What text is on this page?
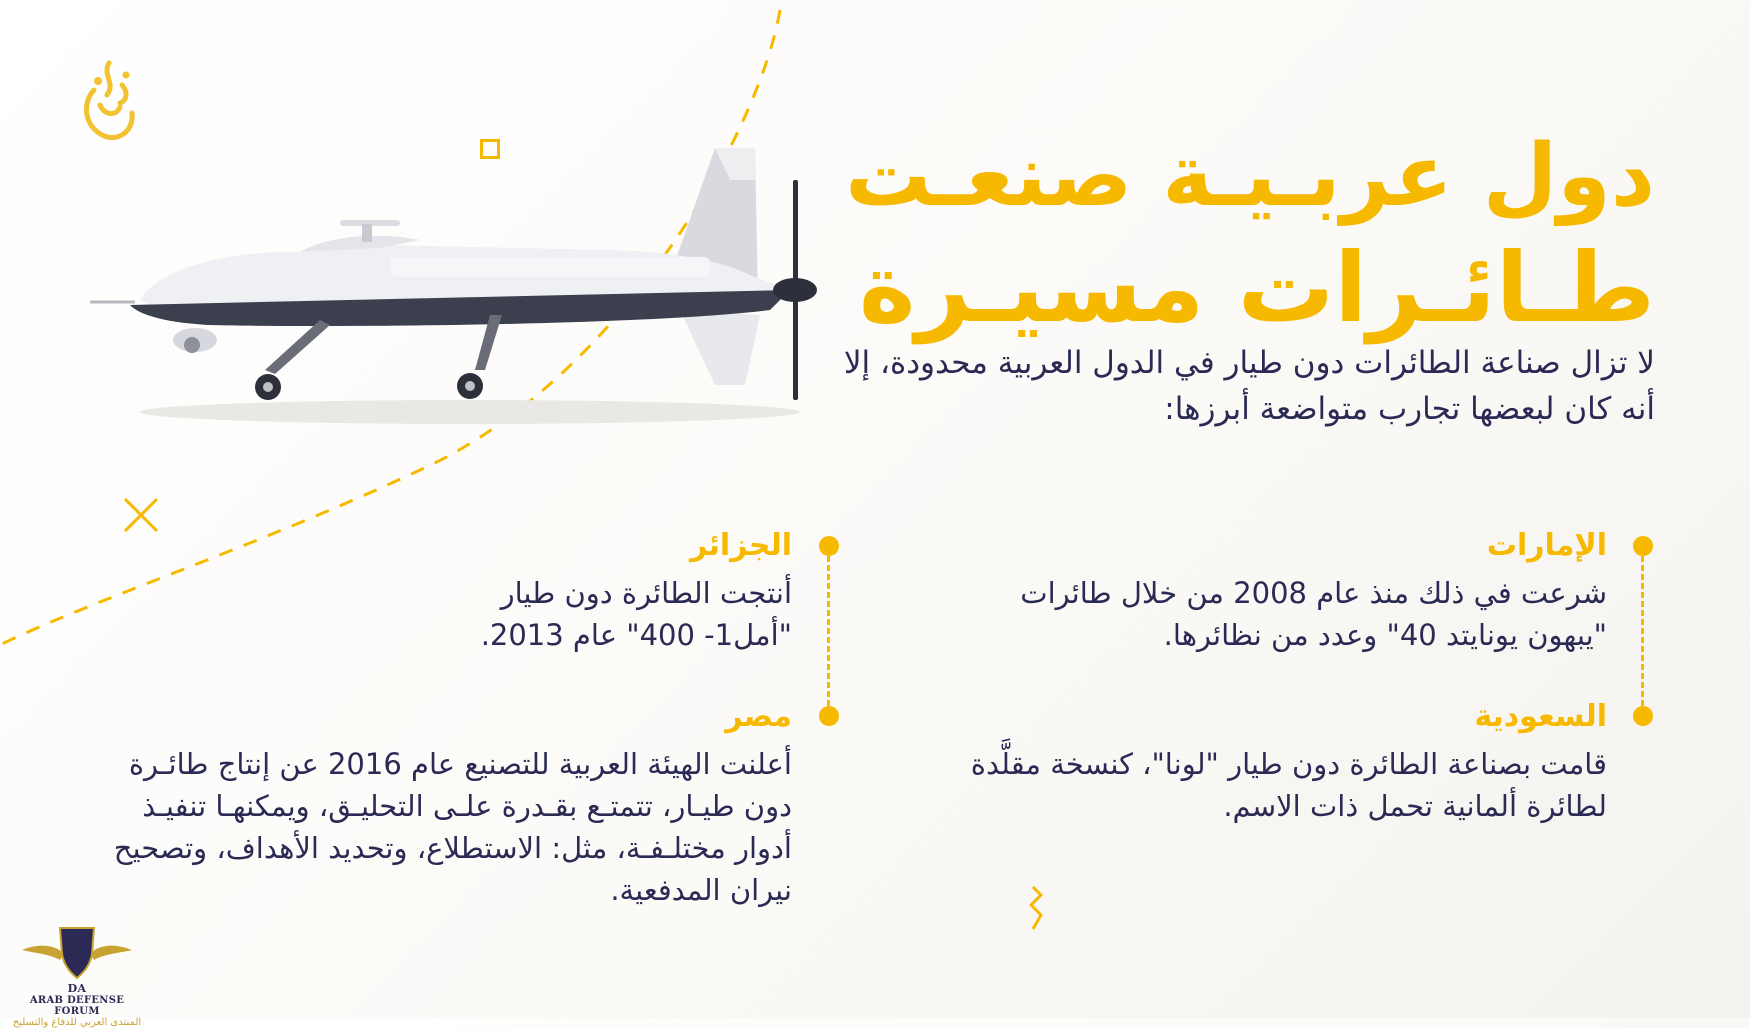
دول عربـيـة صنعـت
طـائـرات مسيـرة
لا تزال صناعة الطائرات دون طيار في الدول العربية محدودة، إلا أنه كان لبعضها تجارب متواضعة أبرزها:
الإمارات
شرعت في ذلك منذ عام 2008 من خلال طائرات "يبهون يونايتد 40" وعدد من نظائرها.
السعودية
قامت بصناعة الطائرة دون طيار "لونا"، كنسخة مقلَّدة لطائرة ألمانية تحمل ذات الاسم.
الجزائر
أنتجت الطائرة دون طيار "أمل1- 400" عام 2013.
مصر
أعلنت الهيئة العربية للتصنيع عام 2016 عن إنتاج طائـرة دون طيـار، تتمتـع بقـدرة علـى التحليـق، ويمكنهـا تنفيـذ أدوار مختلـفـة، مثل: الاستطلاع، وتحديد الأهداف، وتصحيح نيران المدفعية.
DA
ARAB DEFENSE FORUM
المنتدى العربي للدفاع والتسليح
